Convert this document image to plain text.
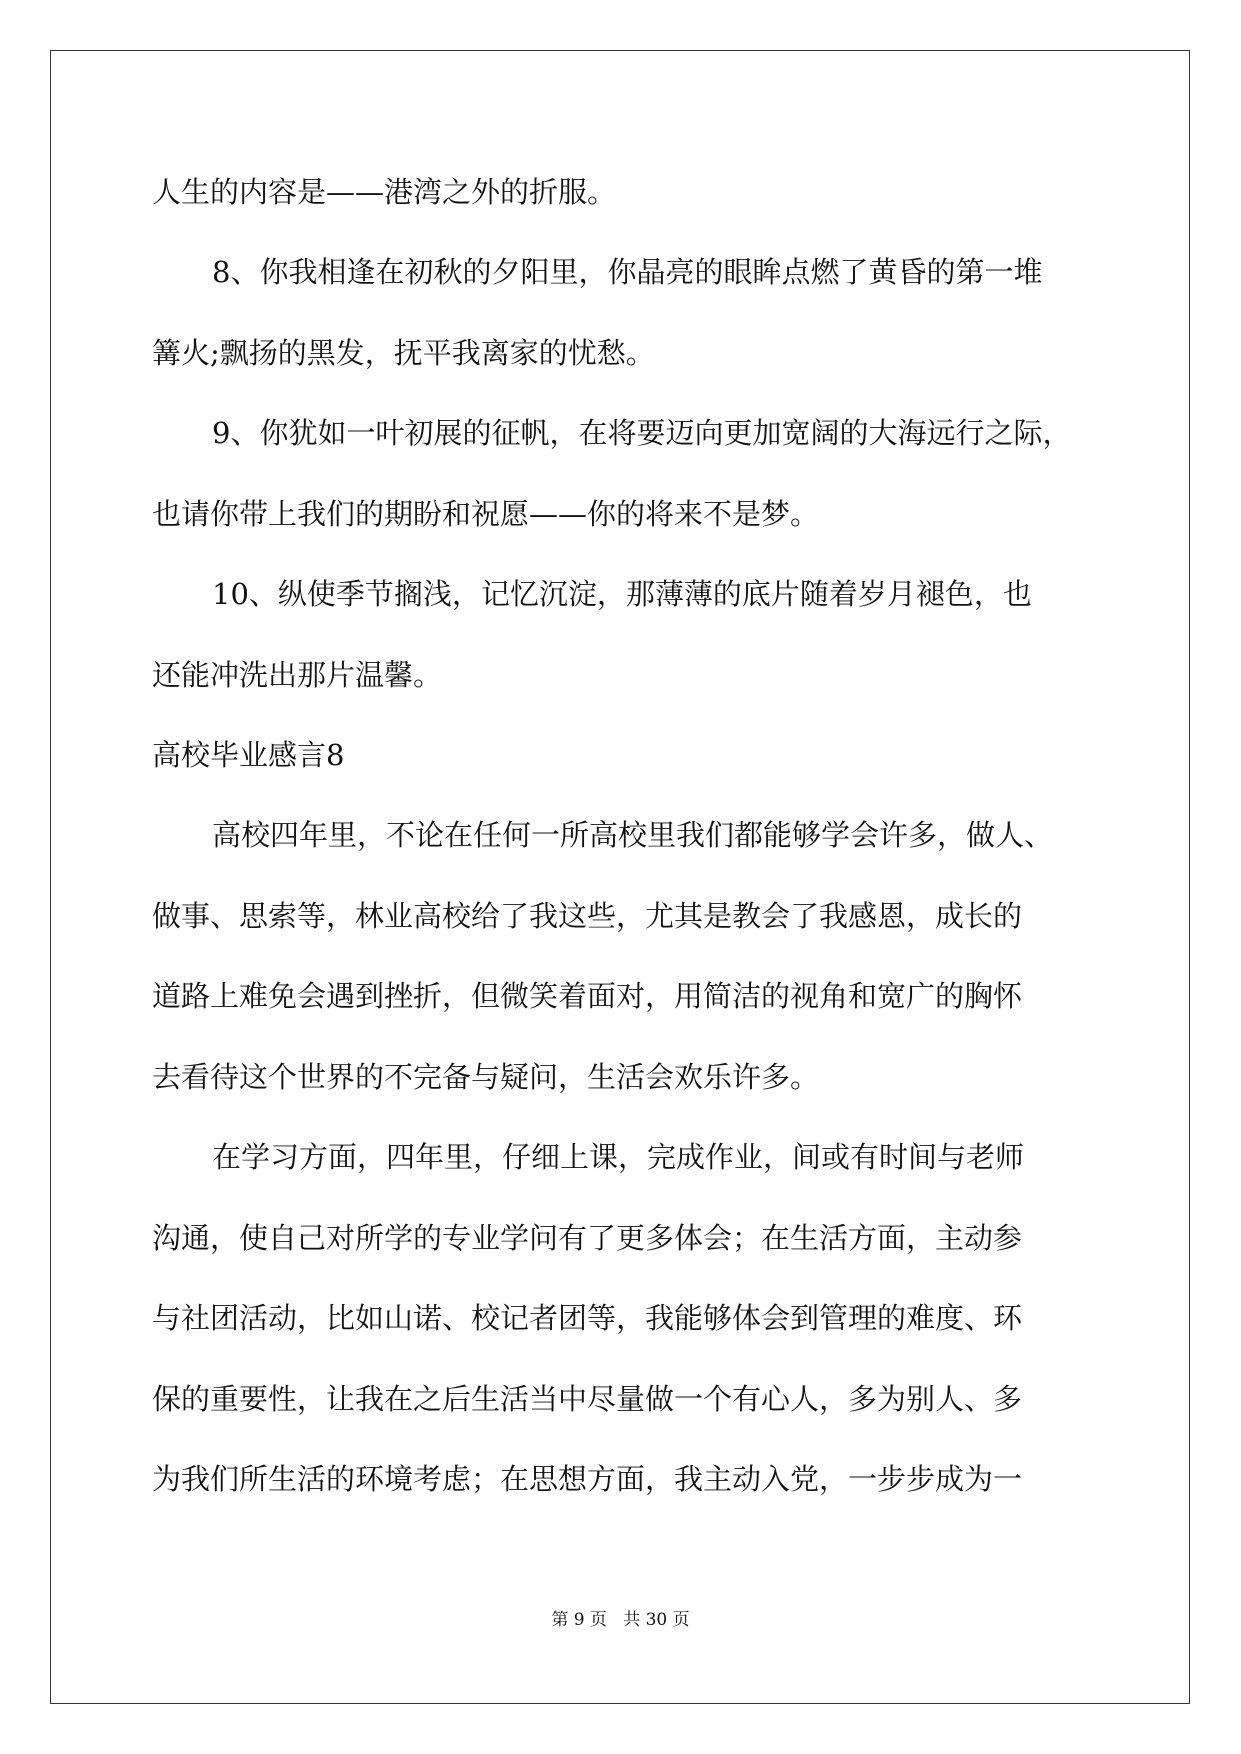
人生的内容是——港湾之外的折服。
8、你我相逢在初秋的夕阳里，你晶亮的眼眸点燃了黄昏的第一堆
篝火;飘扬的黑发，抚平我离家的忧愁。
9、你犹如一叶初展的征帆，在将要迈向更加宽阔的大海远行之际，
也请你带上我们的期盼和祝愿——你的将来不是梦。
10、纵使季节搁浅，记忆沉淀，那薄薄的底片随着岁月褪色，也
还能冲洗出那片温馨。
高校毕业感言8
高校四年里，不论在任何一所高校里我们都能够学会许多，做人、
做事、思索等，林业高校给了我这些，尤其是教会了我感恩，成长的
道路上难免会遇到挫折，但微笑着面对，用简洁的视角和宽广的胸怀
去看待这个世界的不完备与疑问，生活会欢乐许多。
在学习方面，四年里，仔细上课，完成作业，间或有时间与老师
沟通，使自己对所学的专业学问有了更多体会；在生活方面，主动参
与社团活动，比如山诺、校记者团等，我能够体会到管理的难度、环
保的重要性，让我在之后生活当中尽量做一个有心人，多为别人、多
为我们所生活的环境考虑；在思想方面，我主动入党，一步步成为一
第 9 页   共 30 页
